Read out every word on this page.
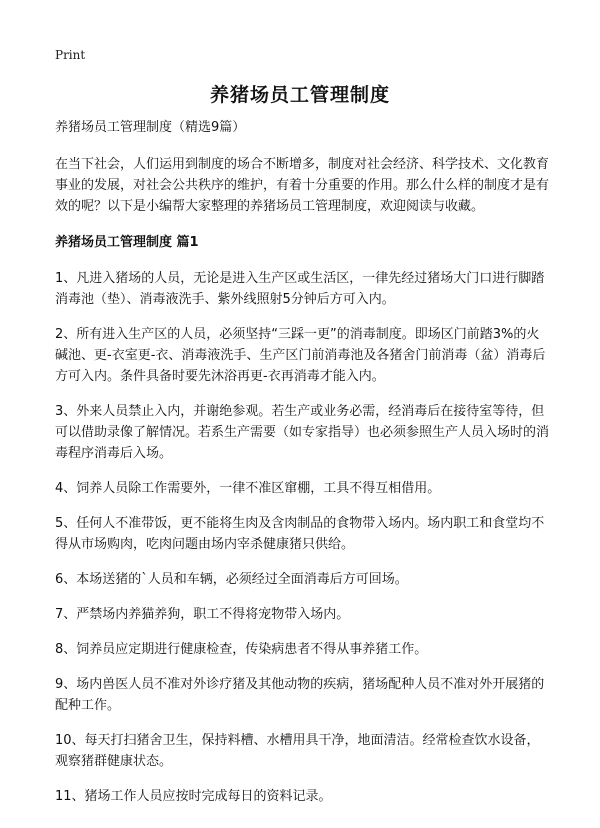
Print
养猪场员工管理制度

养猪场员工管理制度（精选9篇）

在当下社会，人们运用到制度的场合不断增多，制度对社会经济、科学技术、文化教育事业的发展，对社会公共秩序的维护，有着十分重要的作用。那么什么样的制度才是有效的呢？以下是小编帮大家整理的养猪场员工管理制度，欢迎阅读与收藏。

养猪场员工管理制度 篇1

1、凡进入猪场的人员，无论是进入生产区或生活区，一律先经过猪场大门口进行脚踏消毒池（垫）、消毒液洗手、紫外线照射5分钟后方可入内。

2、所有进入生产区的人员，必须坚持“三踩一更”的消毒制度。即场区门前踏3%的火碱池、更-衣室更-衣、消毒液洗手、生产区门前消毒池及各猪舍门前消毒（盆）消毒后方可入内。条件具备时要先沐浴再更-衣再消毒才能入内。

3、外来人员禁止入内，并谢绝参观。若生产或业务必需，经消毒后在接待室等待，但可以借助录像了解情况。若系生产需要（如专家指导）也必须参照生产人员入场时的消毒程序消毒后入场。

4、饲养人员除工作需要外，一律不准区窜棚，工具不得互相借用。

5、任何人不准带饭，更不能将生肉及含肉制品的食物带入场内。场内职工和食堂均不得从市场购肉，吃肉问题由场内宰杀健康猪只供给。

6、本场送猪的`人员和车辆，必须经过全面消毒后方可回场。

7、严禁场内养猫养狗，职工不得将宠物带入场内。

8、饲养员应定期进行健康检查，传染病患者不得从事养猪工作。

9、场内兽医人员不准对外诊疗猪及其他动物的疾病，猪场配种人员不准对外开展猪的配种工作。

10、每天打扫猪舍卫生，保持料槽、水槽用具干净，地面清洁。经常检查饮水设备，观察猪群健康状态。

11、猪场工作人员应按时完成每日的资料记录。
